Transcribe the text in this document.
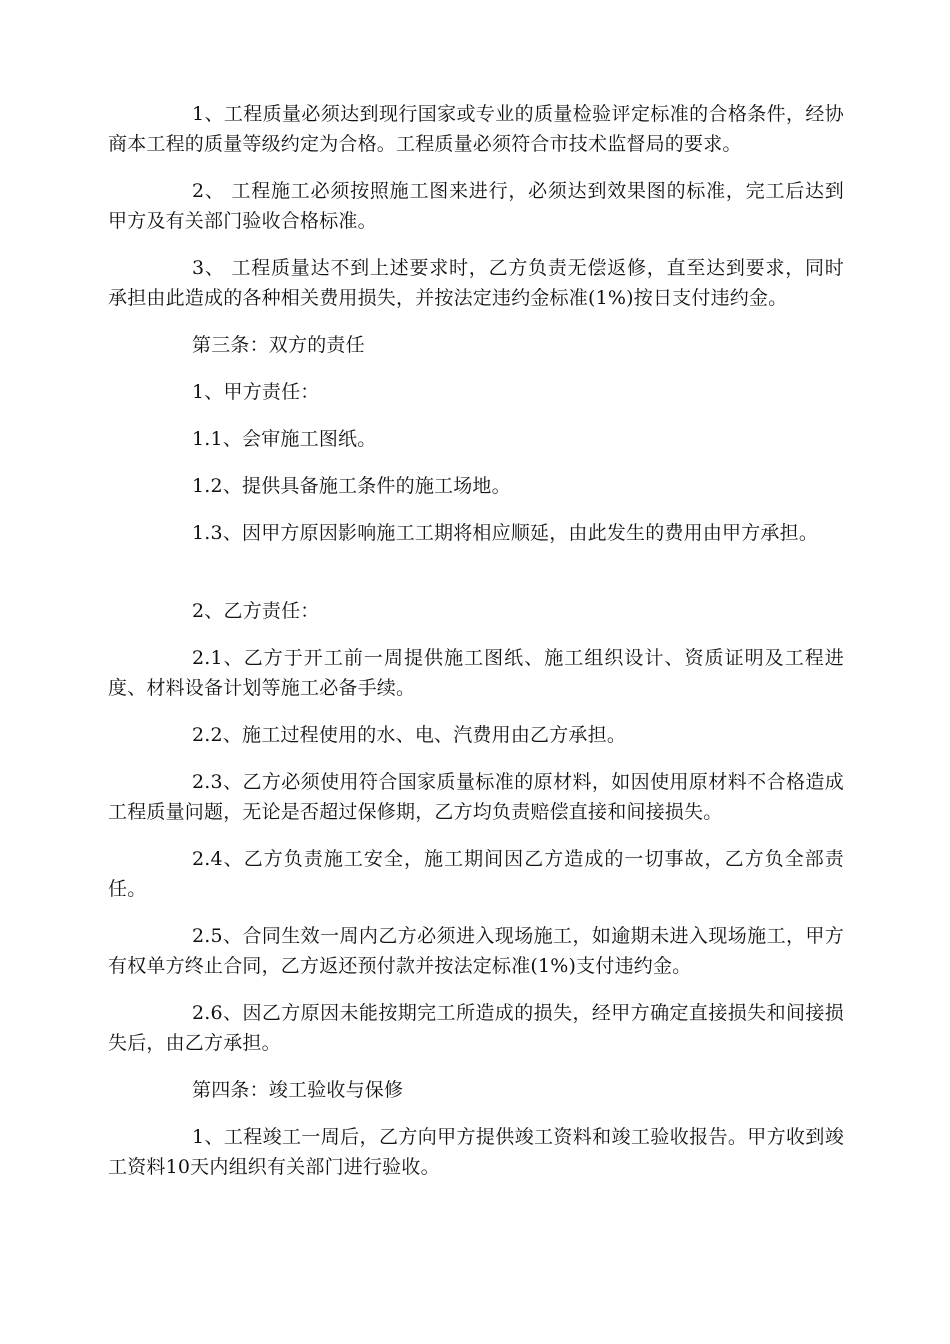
1、工程质量必须达到现行国家或专业的质量检验评定标准的合格条件，经协商本工程的质量等级约定为合格。工程质量必须符合市技术监督局的要求。

2、 工程施工必须按照施工图来进行，必须达到效果图的标准，完工后达到甲方及有关部门验收合格标准。

3、 工程质量达不到上述要求时，乙方负责无偿返修，直至达到要求，同时承担由此造成的各种相关费用损失，并按法定违约金标准(1%)按日支付违约金。

第三条：双方的责任

1、甲方责任：

1.1、会审施工图纸。

1.2、提供具备施工条件的施工场地。

1.3、因甲方原因影响施工工期将相应顺延，由此发生的费用由甲方承担。

2、乙方责任：

2.1、乙方于开工前一周提供施工图纸、施工组织设计、资质证明及工程进度、材料设备计划等施工必备手续。

2.2、施工过程使用的水、电、汽费用由乙方承担。

2.3、乙方必须使用符合国家质量标准的原材料，如因使用原材料不合格造成工程质量问题，无论是否超过保修期，乙方均负责赔偿直接和间接损失。

2.4、乙方负责施工安全，施工期间因乙方造成的一切事故，乙方负全部责任。

2.5、合同生效一周内乙方必须进入现场施工，如逾期未进入现场施工，甲方有权单方终止合同，乙方返还预付款并按法定标准(1%)支付违约金。

2.6、因乙方原因未能按期完工所造成的损失，经甲方确定直接损失和间接损失后，由乙方承担。

第四条：竣工验收与保修

1、工程竣工一周后，乙方向甲方提供竣工资料和竣工验收报告。甲方收到竣工资料10天内组织有关部门进行验收。
